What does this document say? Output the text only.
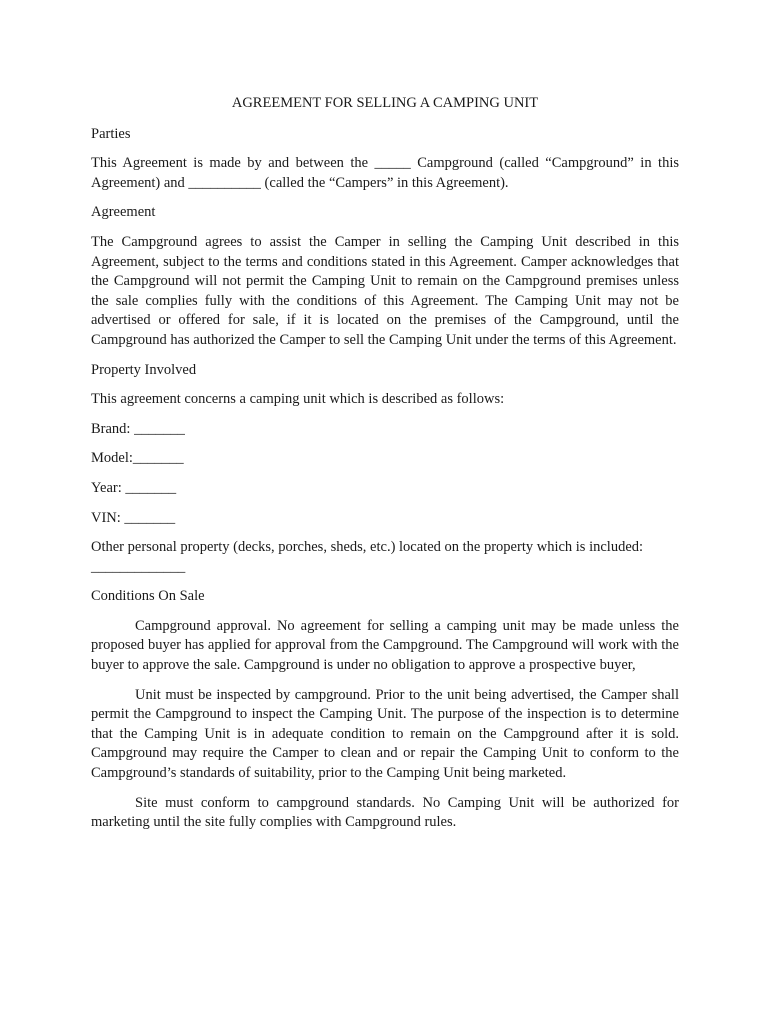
AGREEMENT FOR SELLING A CAMPING UNIT

Parties

This Agreement is made by and between the _____ Campground (called “Campground” in this Agreement) and __________ (called the “Campers” in this Agreement).

Agreement

The Campground agrees to assist the Camper in selling the Camping Unit described in this Agreement, subject to the terms and conditions stated in this Agreement. Camper acknowledges that the Campground will not permit the Camping Unit to remain on the Campground premises unless the sale complies fully with the conditions of this Agreement. The Camping Unit may not be advertised or offered for sale, if it is located on the premises of the Campground, until the Campground has authorized the Camper to sell the Camping Unit under the terms of this Agreement.

Property Involved

This agreement concerns a camping unit which is described as follows:

Brand: _______

Model:_______

Year: _______

VIN: _______

Other personal property (decks, porches, sheds, etc.) located on the property which is included:

_____________

Conditions On Sale

Campground approval. No agreement for selling a camping unit may be made unless the proposed buyer has applied for approval from the Campground. The Campground will work with the buyer to approve the sale. Campground is under no obligation to approve a prospective buyer,

Unit must be inspected by campground. Prior to the unit being advertised, the Camper shall permit the Campground to inspect the Camping Unit. The purpose of the inspection is to determine that the Camping Unit is in adequate condition to remain on the Campground after it is sold. Campground may require the Camper to clean and or repair the Camping Unit to conform to the Campground’s standards of suitability, prior to the Camping Unit being marketed.

Site must conform to campground standards. No Camping Unit will be authorized for marketing until the site fully complies with Campground rules.
